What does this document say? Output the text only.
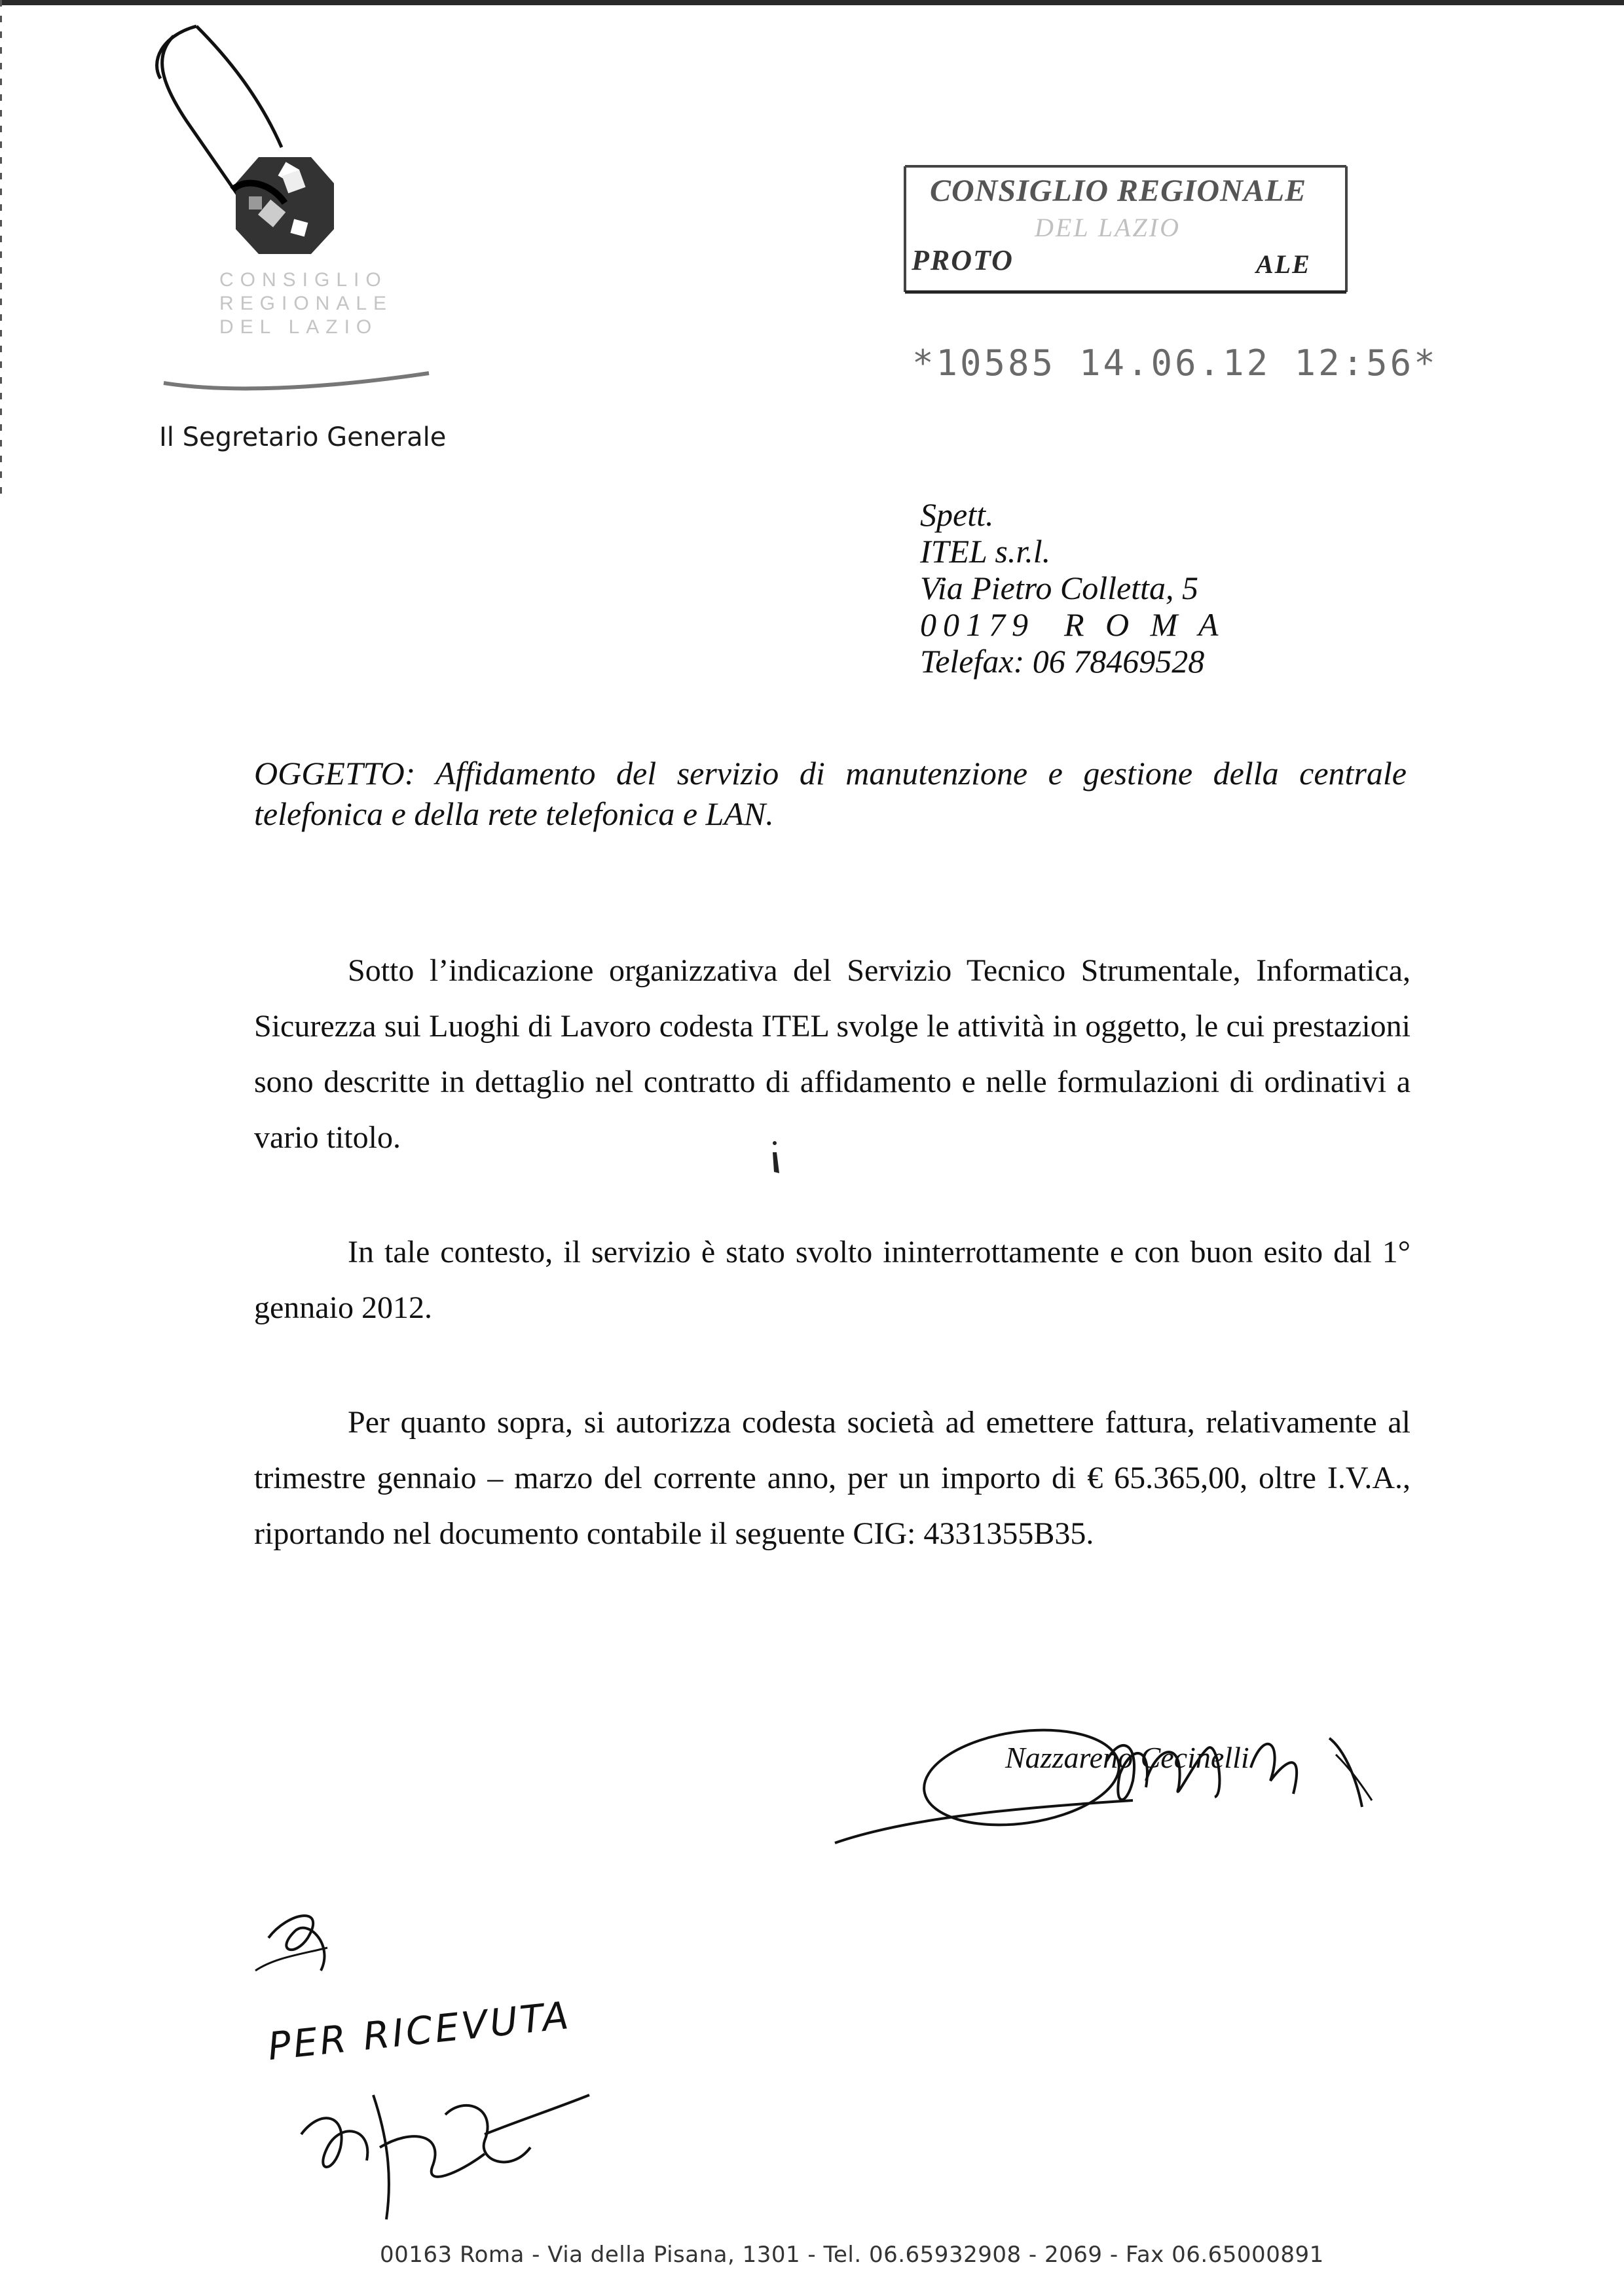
CONSIGLIO
REGIONALE
DEL LAZIO
Il Segretario Generale
CONSIGLIO REGIONALE
DEL LAZIO
PROTO	ALE
*10585 14.06.12 12:56*
Spett.
ITEL s.r.l.
Via Pietro Colletta, 5
00179  R O M A
Telefax: 06 78469528
OGGETTO: Affidamento del servizio di manutenzione e gestione della centrale telefonica e della rete telefonica e LAN.
Sotto l’indicazione organizzativa del Servizio Tecnico Strumentale, Informatica, Sicurezza sui Luoghi di Lavoro codesta ITEL svolge le attività in oggetto, le cui prestazioni sono descritte in dettaglio nel contratto di affidamento e nelle formulazioni di ordinativi a vario titolo.
In tale contesto, il servizio è stato svolto ininterrottamente e con buon esito dal 1° gennaio 2012.
Per quanto sopra, si autorizza codesta società ad emettere fattura, relativamente al trimestre gennaio – marzo del corrente anno, per un importo di € 65.365,00, oltre I.V.A., riportando nel documento contabile il seguente CIG: 4331355B35.
Nazzareno Cecinelli
PER RICEVUTA
00163 Roma - Via della Pisana, 1301 - Tel. 06.65932908 - 2069 - Fax 06.65000891
